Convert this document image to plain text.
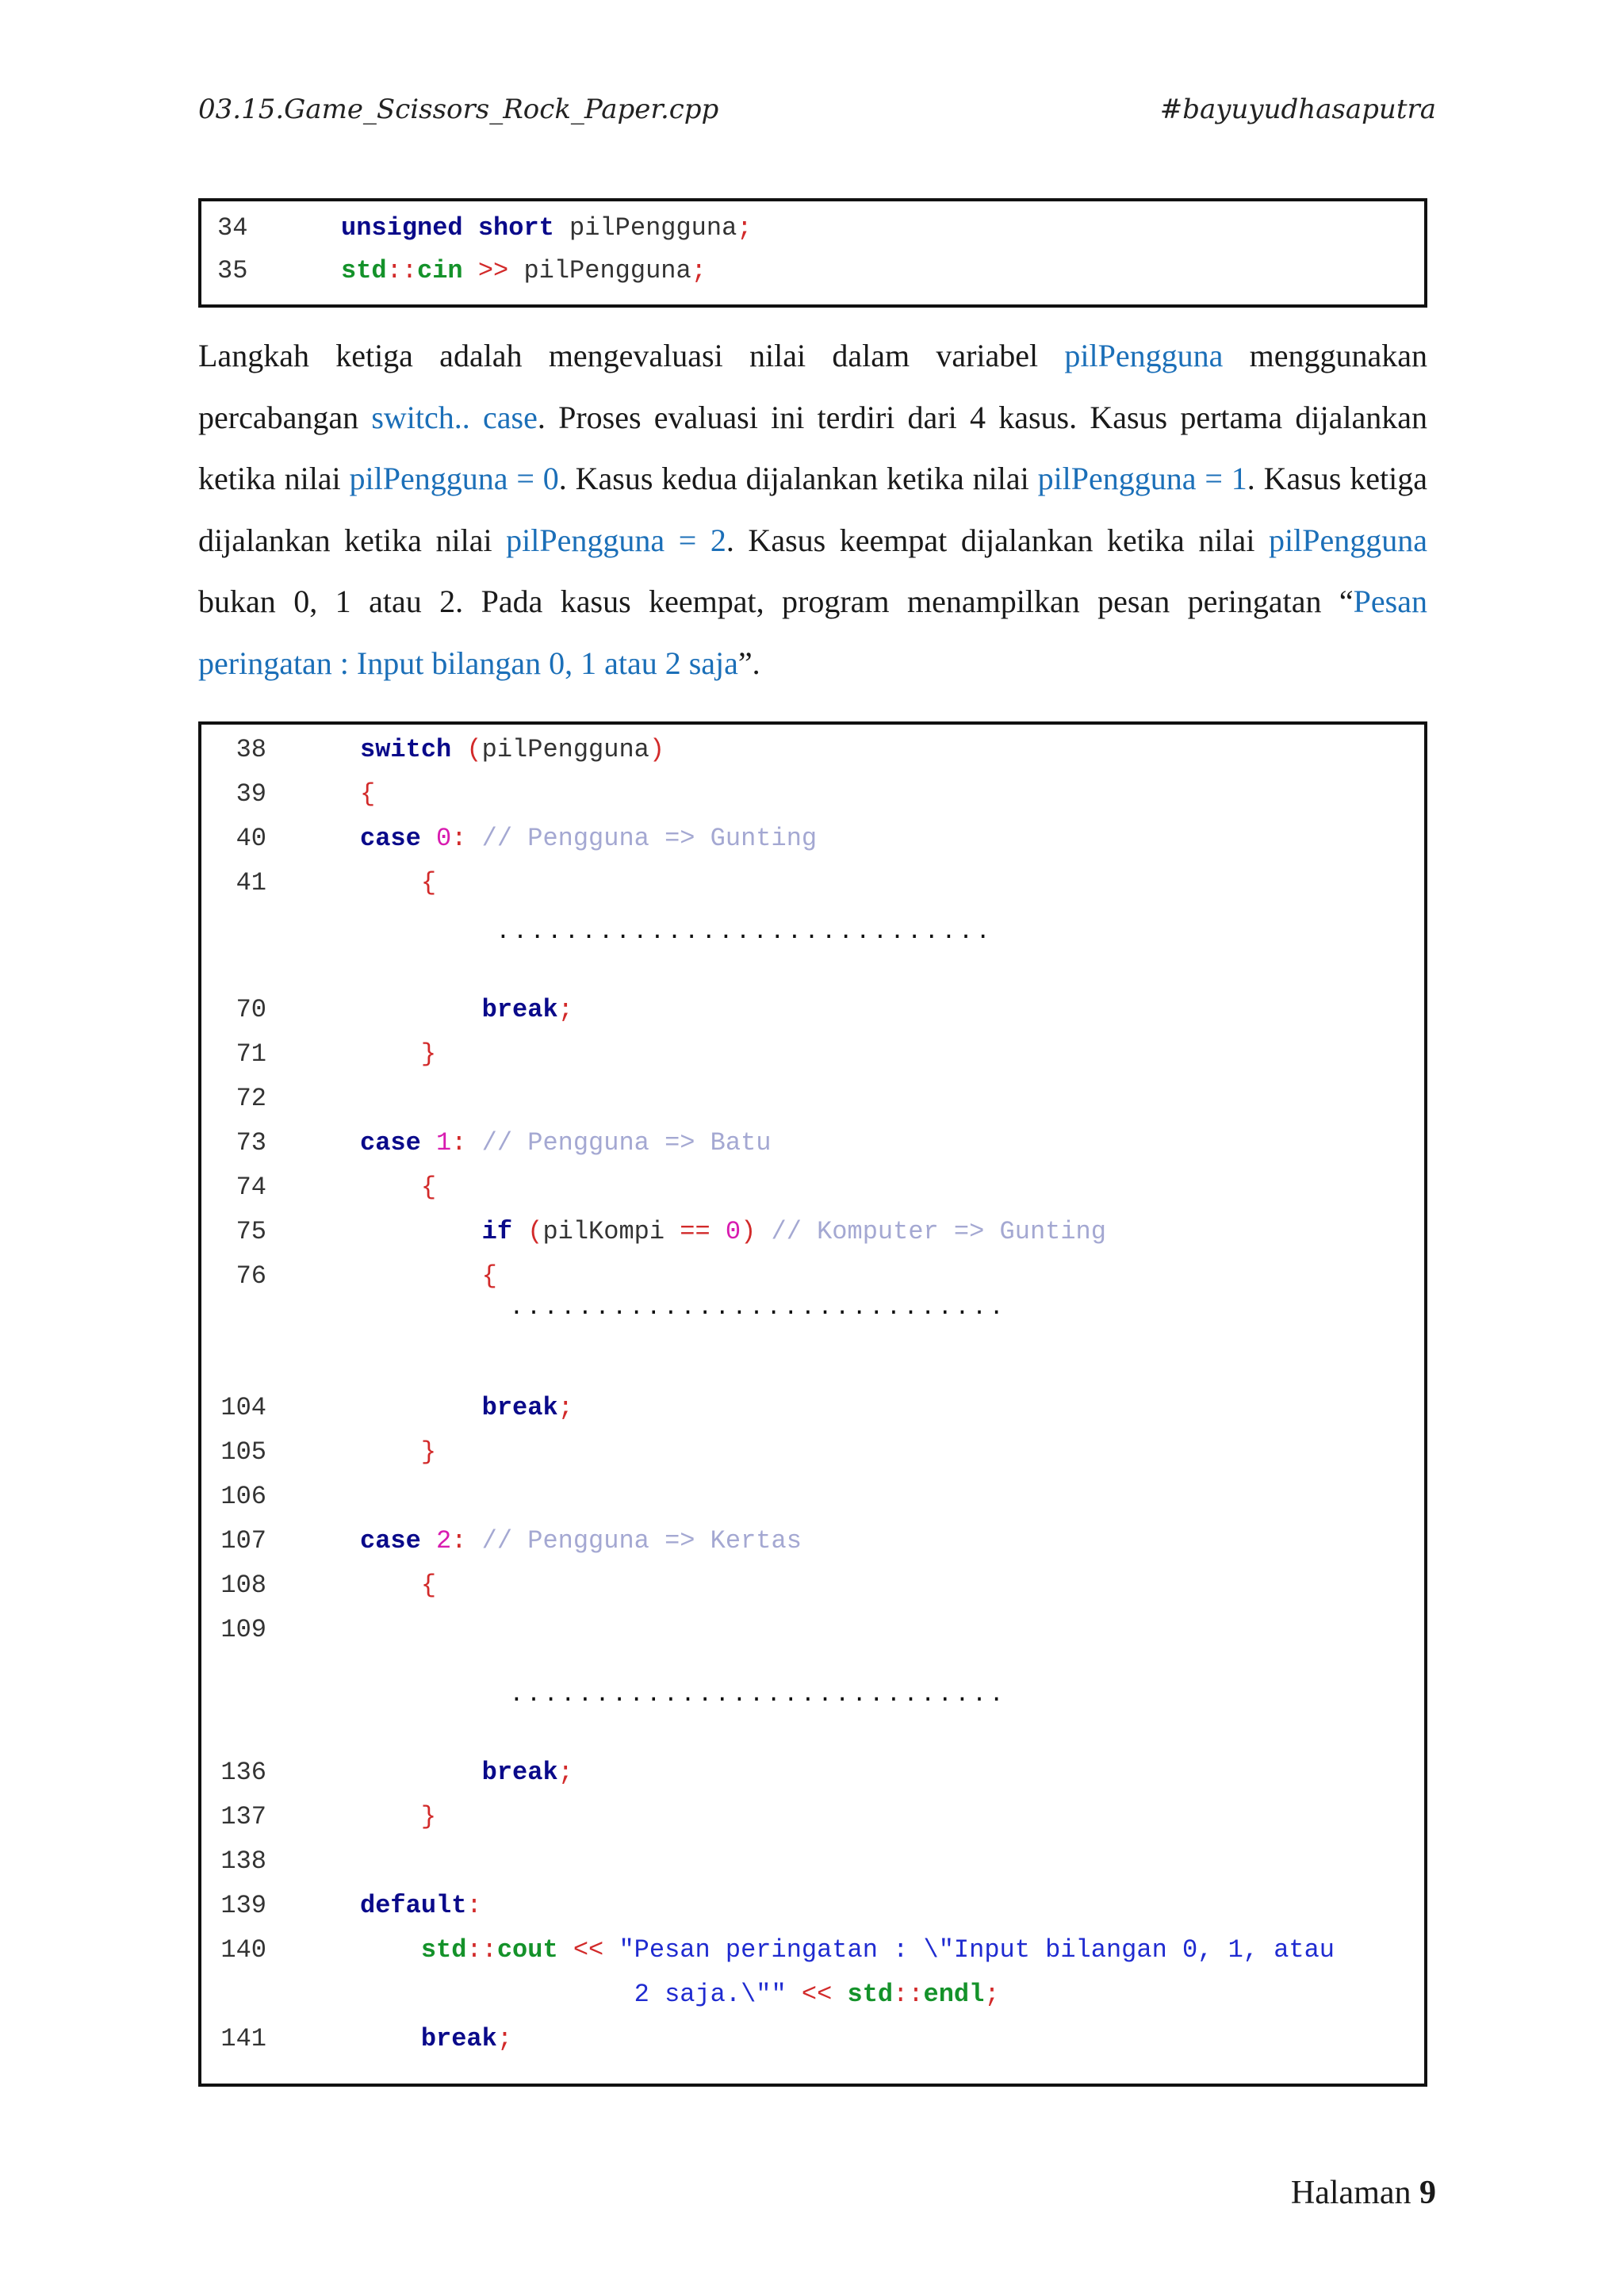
03.15.Game_Scissors_Rock_Paper.cpp	#bayuyudhasaputra
34	unsigned short pilPengguna;
35	std::cin >> pilPengguna;

Langkah ketiga adalah mengevaluasi nilai dalam variabel pilPengguna menggunakan percabangan switch.. case. Proses evaluasi ini terdiri dari 4 kasus. Kasus pertama dijalankan ketika nilai pilPengguna = 0. Kasus kedua dijalankan ketika nilai pilPengguna = 1. Kasus ketiga dijalankan ketika nilai pilPengguna = 2. Kasus keempat dijalankan ketika nilai pilPengguna bukan 0, 1 atau 2. Pada kasus keempat, program menampilkan pesan peringatan “Pesan peringatan : Input bilangan 0, 1 atau 2 saja”.

38	switch (pilPengguna)
39	{
40	case 0: // Pengguna => Gunting
41	{
70	break;
71	}
72
73	case 1: // Pengguna => Batu
74	{
75	if (pilKompi == 0) // Komputer => Gunting
76	{
104	break;
105	}
106
107	case 2: // Pengguna => Kertas
108	{
109
136	break;
137	}
138
139	default:
140	std::cout << "Pesan peringatan : \"Input bilangan 0, 1, atau
2 saja.\"" << std::endl;
141	break;
. . . . . . . . . . . . . . . . . . . . . . . . . . . . .
. . . . . . . . . . . . . . . . . . . . . . . . . . . . .
. . . . . . . . . . . . . . . . . . . . . . . . . . . . .
Halaman 9
